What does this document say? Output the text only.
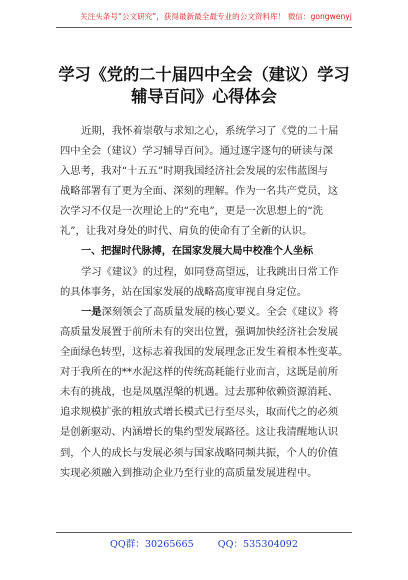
关注头条号“公文研究”，获得最新最全最专业的公文资料库！ 微信：gongwenyj
学习《党的二十届四中全会（建议）学习
辅导百问》心得体会
近期，我怀着崇敬与求知之心，系统学习了《党的二十届
四中全会（建议）学习辅导百问》。通过逐字逐句的研读与深
入思考，我对“十五五”时期我国经济社会发展的宏伟蓝图与
战略部署有了更为全面、深刻的理解。作为一名共产党员，这
次学习不仅是一次理论上的“充电”，更是一次思想上的“洗
礼”，让我对身处的时代、肩负的使命有了全新的认识。
一、把握时代脉搏，在国家发展大局中校准个人坐标
学习《建议》的过程，如同登高望远，让我跳出日常工作
的具体事务，站在国家发展的战略高度审视自身定位。
一是深刻领会了高质量发展的核心要义。全会《建议》将
高质量发展置于前所未有的突出位置，强调加快经济社会发展
全面绿色转型，这标志着我国的发展理念正发生着根本性变革。
对于我所在的**水泥这样的传统高耗能行业而言，这既是前所
未有的挑战，也是凤凰涅槃的机遇。过去那种依赖资源消耗、
追求规模扩张的粗放式增长模式已行至尽头，取而代之的必须
是创新驱动、内涵增长的集约型发展路径。这让我清醒地认识
到，个人的成长与发展必须与国家战略同频共振，个人的价值
实现必须融入到推动企业乃至行业的高质量发展进程中。
QQ群：30265665	QQ：535304092
